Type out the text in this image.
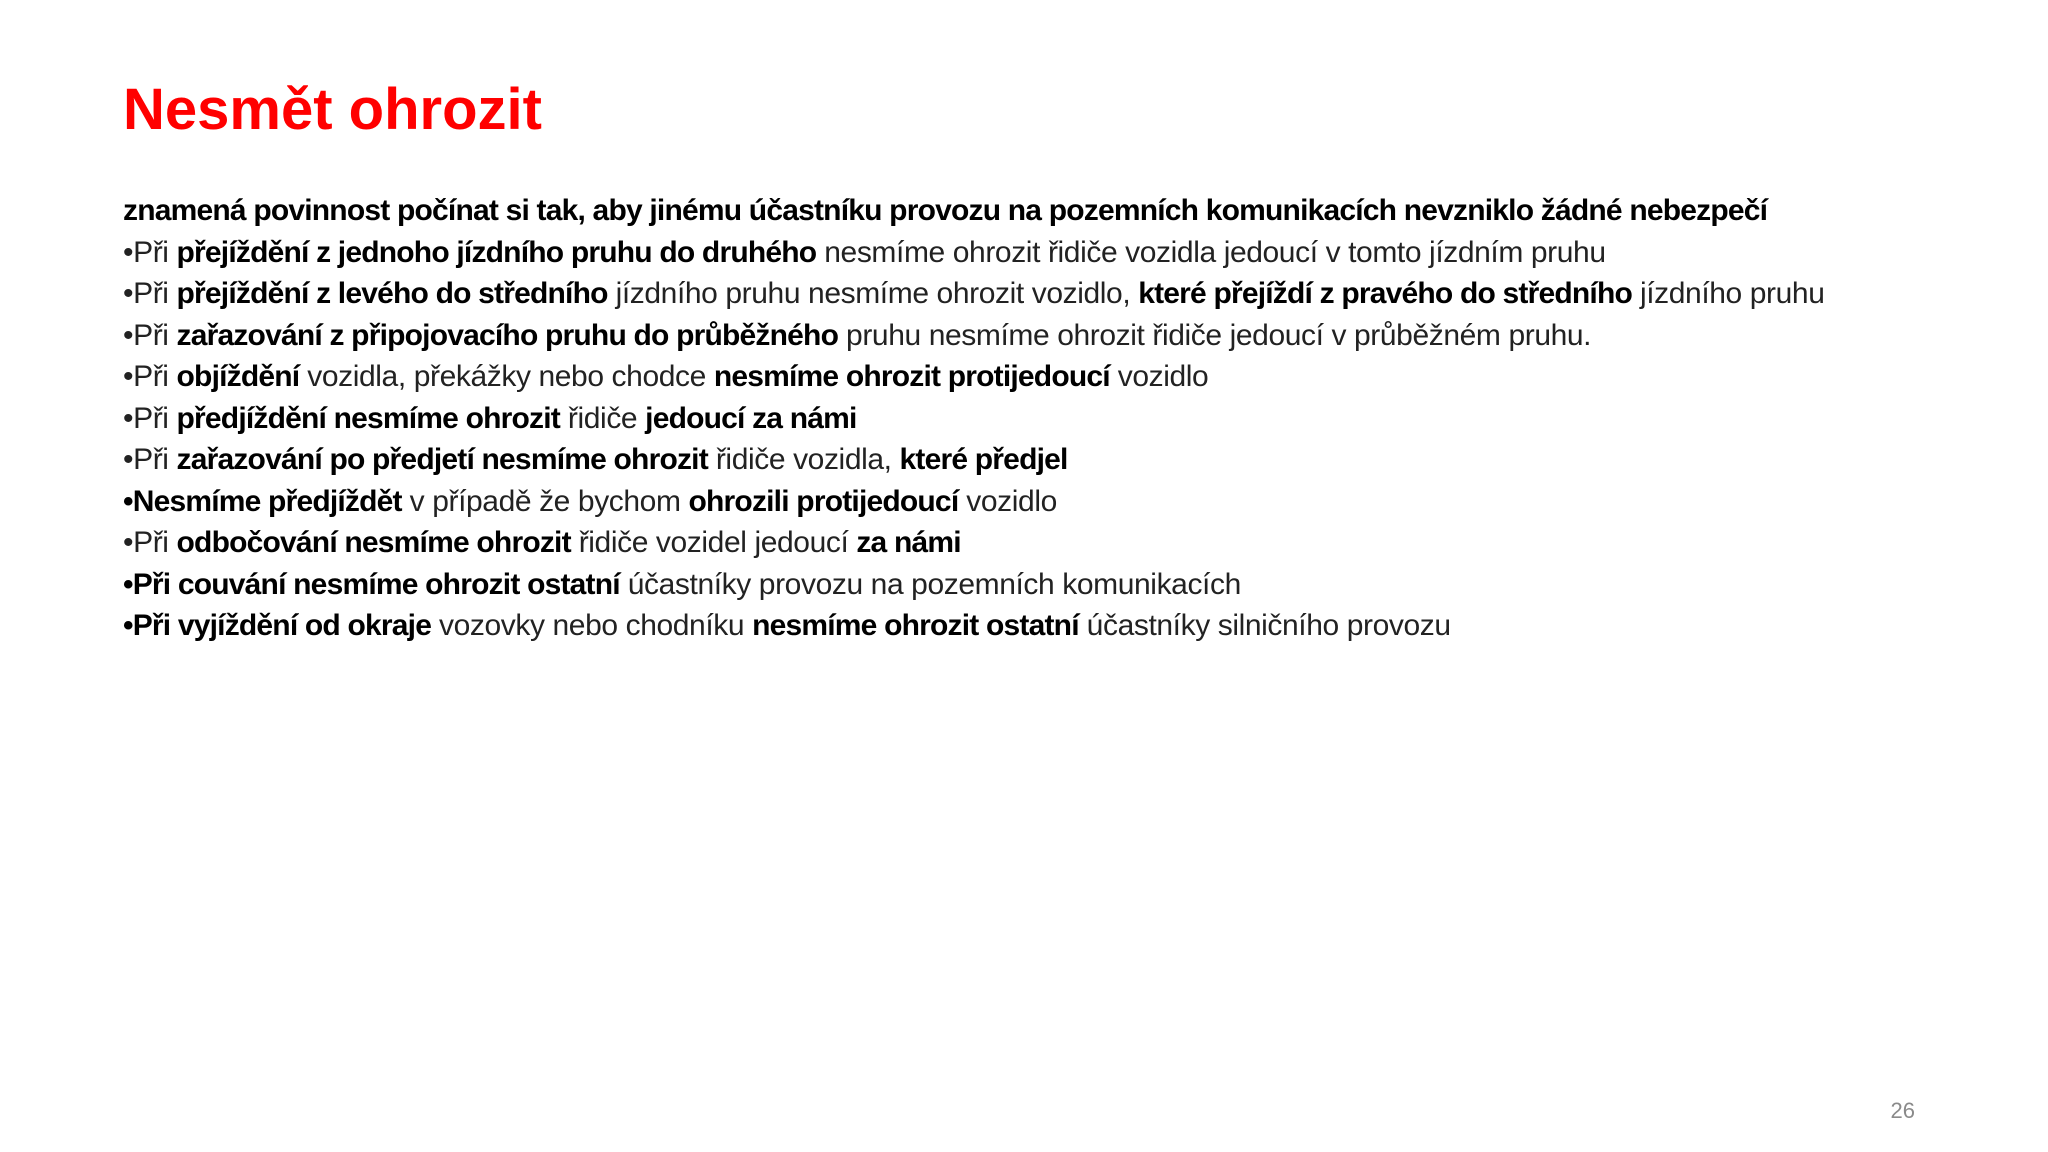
Nesmět ohrozit
znamená povinnost počínat si tak, aby jinému účastníku provozu na pozemních komunikacích nevzniklo žádné nebezpečí
•Při přejíždění z jednoho jízdního pruhu do druhého nesmíme ohrozit řidiče vozidla jedoucí v tomto jízdním pruhu
•Při přejíždění z levého do středního jízdního pruhu nesmíme ohrozit vozidlo, které přejíždí z pravého do středního jízdního pruhu
•Při zařazování z připojovacího pruhu do průběžného pruhu nesmíme ohrozit řidiče jedoucí v průběžném pruhu.
•Při objíždění vozidla, překážky nebo chodce nesmíme ohrozit protijedoucí vozidlo
•Při předjíždění nesmíme ohrozit řidiče jedoucí za námi
•Při zařazování po předjetí nesmíme ohrozit řidiče vozidla, které předjel
•Nesmíme předjíždět v případě že bychom ohrozili protijedoucí vozidlo
•Při odbočování nesmíme ohrozit řidiče vozidel jedoucí za námi
•Při couvání nesmíme ohrozit ostatní účastníky provozu na pozemních komunikacích
•Při vyjíždění od okraje vozovky nebo chodníku nesmíme ohrozit ostatní účastníky silničního provozu
26
